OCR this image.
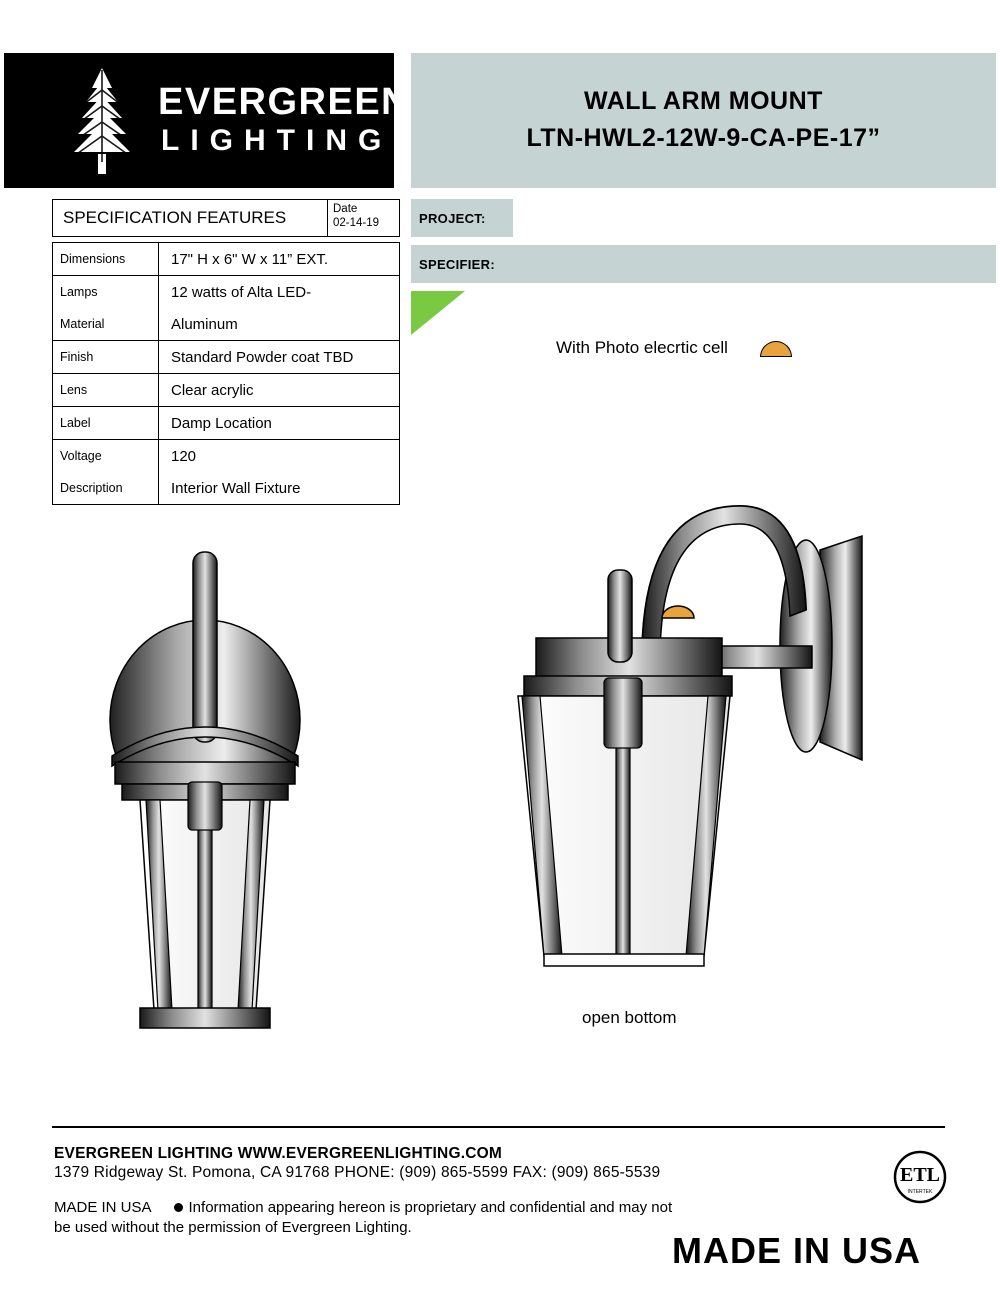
EVERGREEN
LIGHTING
WALL ARM MOUNT
LTN-HWL2-12W-9-CA-PE-17”
SPECIFICATION FEATURES	Date
02-14-19
Dimensions	17" H x 6" W x 11” EXT.
Lamps	12 watts of Alta LED-
Material	Aluminum
Finish	Standard Powder coat TBD
Lens	Clear acrylic
Label	Damp Location
Voltage	120
Description	Interior Wall Fixture
PROJECT:
SPECIFIER:
With Photo elecrtic cell
open bottom
EVERGREEN LIGHTING WWW.EVERGREENLIGHTING.COM
1379 Ridgeway St. Pomona, CA 91768 PHONE: (909) 865-5599 FAX: (909) 865-5539
MADE IN USA Information appearing hereon is proprietary and confidential and may not
be used without the permission of Evergreen Lighting.
MADE IN USA
ETL
INTERTEK
